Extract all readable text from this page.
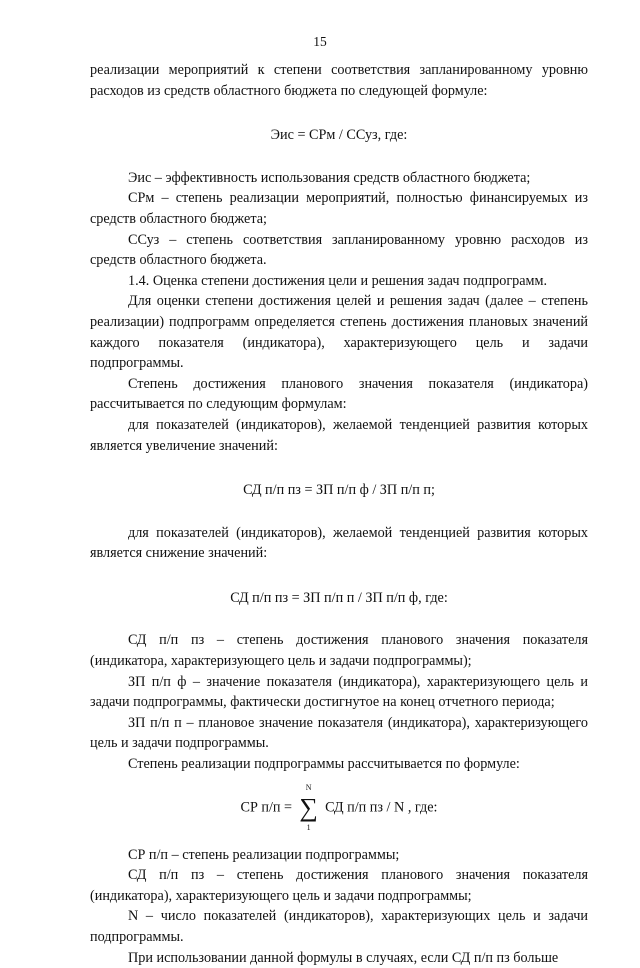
15

реализации мероприятий к степени соответствия запланированному уровню расходов из средств областного бюджета по следующей формуле:

Эис = СРм / ССуз, где:

Эис – эффективность использования средств областного бюджета;

СРм – степень реализации мероприятий, полностью финансируемых из средств областного бюджета;

ССуз – степень соответствия запланированному уровню расходов из средств областного бюджета.

1.4. Оценка степени достижения цели и решения задач подпрограмм.

Для оценки степени достижения целей и решения задач (далее – степень реализации) подпрограмм определяется степень достижения плановых значений каждого показателя (индикатора), характеризующего цель и задачи подпрограммы.

Степень достижения планового значения показателя (индикатора) рассчитывается по следующим формулам:

для показателей (индикаторов), желаемой тенденцией развития которых является увеличение значений:

СД п/п пз = ЗП п/п ф / ЗП п/п п;

для показателей (индикаторов), желаемой тенденцией развития которых является снижение значений:

СД п/п пз = ЗП п/п п / ЗП п/п ф, где:

СД п/п пз – степень достижения планового значения показателя (индикатора, характеризующего цель и задачи подпрограммы);

ЗП п/п ф – значение показателя (индикатора), характеризующего цель и задачи подпрограммы, фактически достигнутое на конец отчетного периода;

ЗП п/п п – плановое значение показателя (индикатора), характеризующего цель и задачи подпрограммы.

Степень реализации подпрограммы рассчитывается по формуле:

СР п/п =
N
∑
1
СД п/п пз / N , где:

СР п/п – степень реализации подпрограммы;

СД п/п пз – степень достижения планового значения показателя (индикатора), характеризующего цель и задачи подпрограммы;

N – число показателей (индикаторов), характеризующих цель и задачи подпрограммы.

При использовании данной формулы в случаях, если СД п/п пз больше
